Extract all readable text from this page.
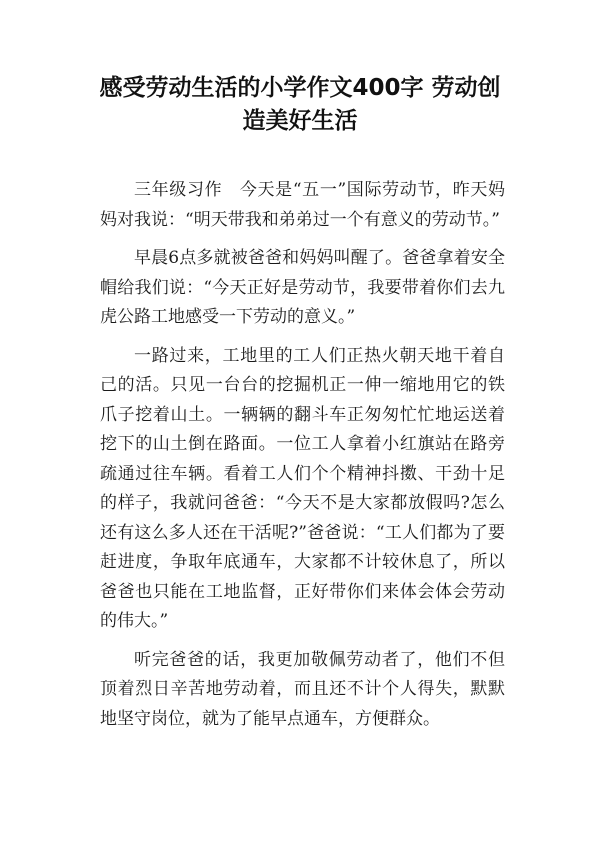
感受劳动生活的小学作文400字 劳动创造美好生活

三年级习作　今天是“五一”国际劳动节，昨天妈妈对我说：“明天带我和弟弟过一个有意义的劳动节。”

早晨6点多就被爸爸和妈妈叫醒了。爸爸拿着安全帽给我们说：“今天正好是劳动节，我要带着你们去九虎公路工地感受一下劳动的意义。”

一路过来，工地里的工人们正热火朝天地干着自己的活。只见一台台的挖掘机正一伸一缩地用它的铁爪子挖着山土。一辆辆的翻斗车正匆匆忙忙地运送着挖下的山土倒在路面。一位工人拿着小红旗站在路旁疏通过往车辆。看着工人们个个精神抖擞、干劲十足的样子，我就问爸爸：“今天不是大家都放假吗?怎么还有这么多人还在干活呢?”爸爸说：“工人们都为了要赶进度，争取年底通车，大家都不计较休息了，所以爸爸也只能在工地监督，正好带你们来体会体会劳动的伟大。”

听完爸爸的话，我更加敬佩劳动者了，他们不但顶着烈日辛苦地劳动着，而且还不计个人得失，默默地坚守岗位，就为了能早点通车，方便群众。
